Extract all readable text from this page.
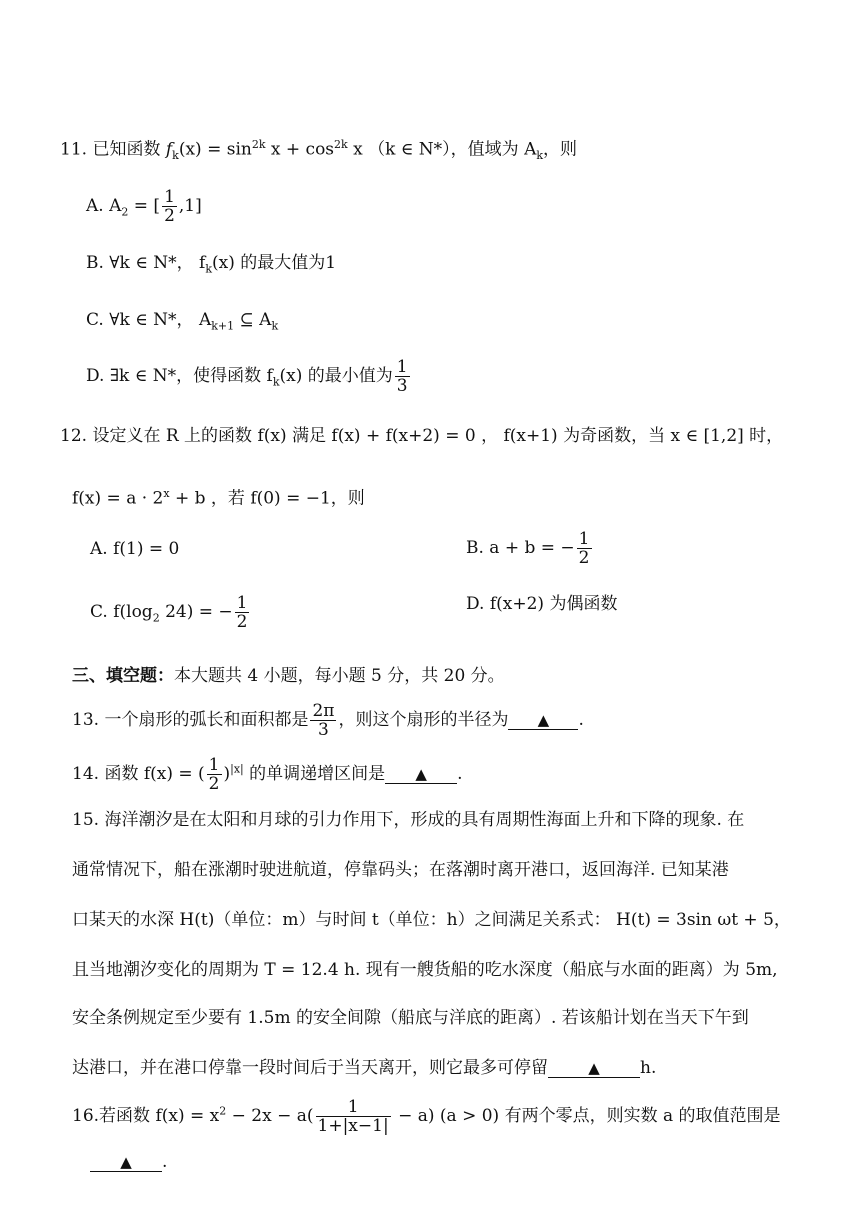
11. 已知函数 $f_k(x) = \sin^{2k} x + \cos^{2k} x$ （k ∈ N*），值域为 $A_k$，则
A. $A_2$ = [ $\frac{1}{2} ,1$]
B. ∀k ∈ N*， $f_k(x)$ 的最大值为1
C. ∀k ∈ N*， $A_{k+1}$ ⊆ $A_k$
D. ∃k ∈ N*，使得函数 $f_k(x)$ 的最小值为 $\frac{1}{3}$
12. 设定义在 R 上的函数 f(x) 满足 f(x) + f(x+2) = 0 ， f(x+1) 为奇函数，当 x ∈ [1,2] 时，
$f(x) = a \cdot 2^x + b$ ，若 f(0) = −1，则
A. f(1) = 0	B. a + b = − $\frac{1}{2}$
C. $f(\log_2$ 24) = − $\frac{1}{2}$	D. f(x+2) 为偶函数
三、填空题：本大题共 4 小题，每小题 5 分，共 20 分。
13. 一个扇形的弧长和面积都是 $\frac{2\pi}{3}$ ，则这个扇形的半径为 ▲ .
14. 函数 f(x) = ( $\frac{1}{2} )^{|x|}$ 的单调递增区间是 ▲ .
15. 海洋潮汐是在太阳和月球的引力作用下，形成的具有周期性海面上升和下降的现象. 在
通常情况下，船在涨潮时驶进航道，停靠码头；在落潮时离开港口，返回海洋. 已知某港
口某天的水深 H(t)（单位：m）与时间 t（单位：h）之间满足关系式： H(t) = 3sin ωt + 5，
且当地潮汐变化的周期为 T = 12.4 h. 现有一艘货船的吃水深度（船底与水面的距离）为 5m,
安全条例规定至少要有 1.5m 的安全间隙（船底与洋底的距离）. 若该船计划在当天下午到
达港口，并在港口停靠一段时间后于当天离开，则它最多可停留	▲ h.
16.若函数 $f(x) = x^2 - 2x - a( \frac{1}{1+|x-1|} - a) (a > 0)$ 有两个零点，则实数 a 的取值范围是
▲ .
